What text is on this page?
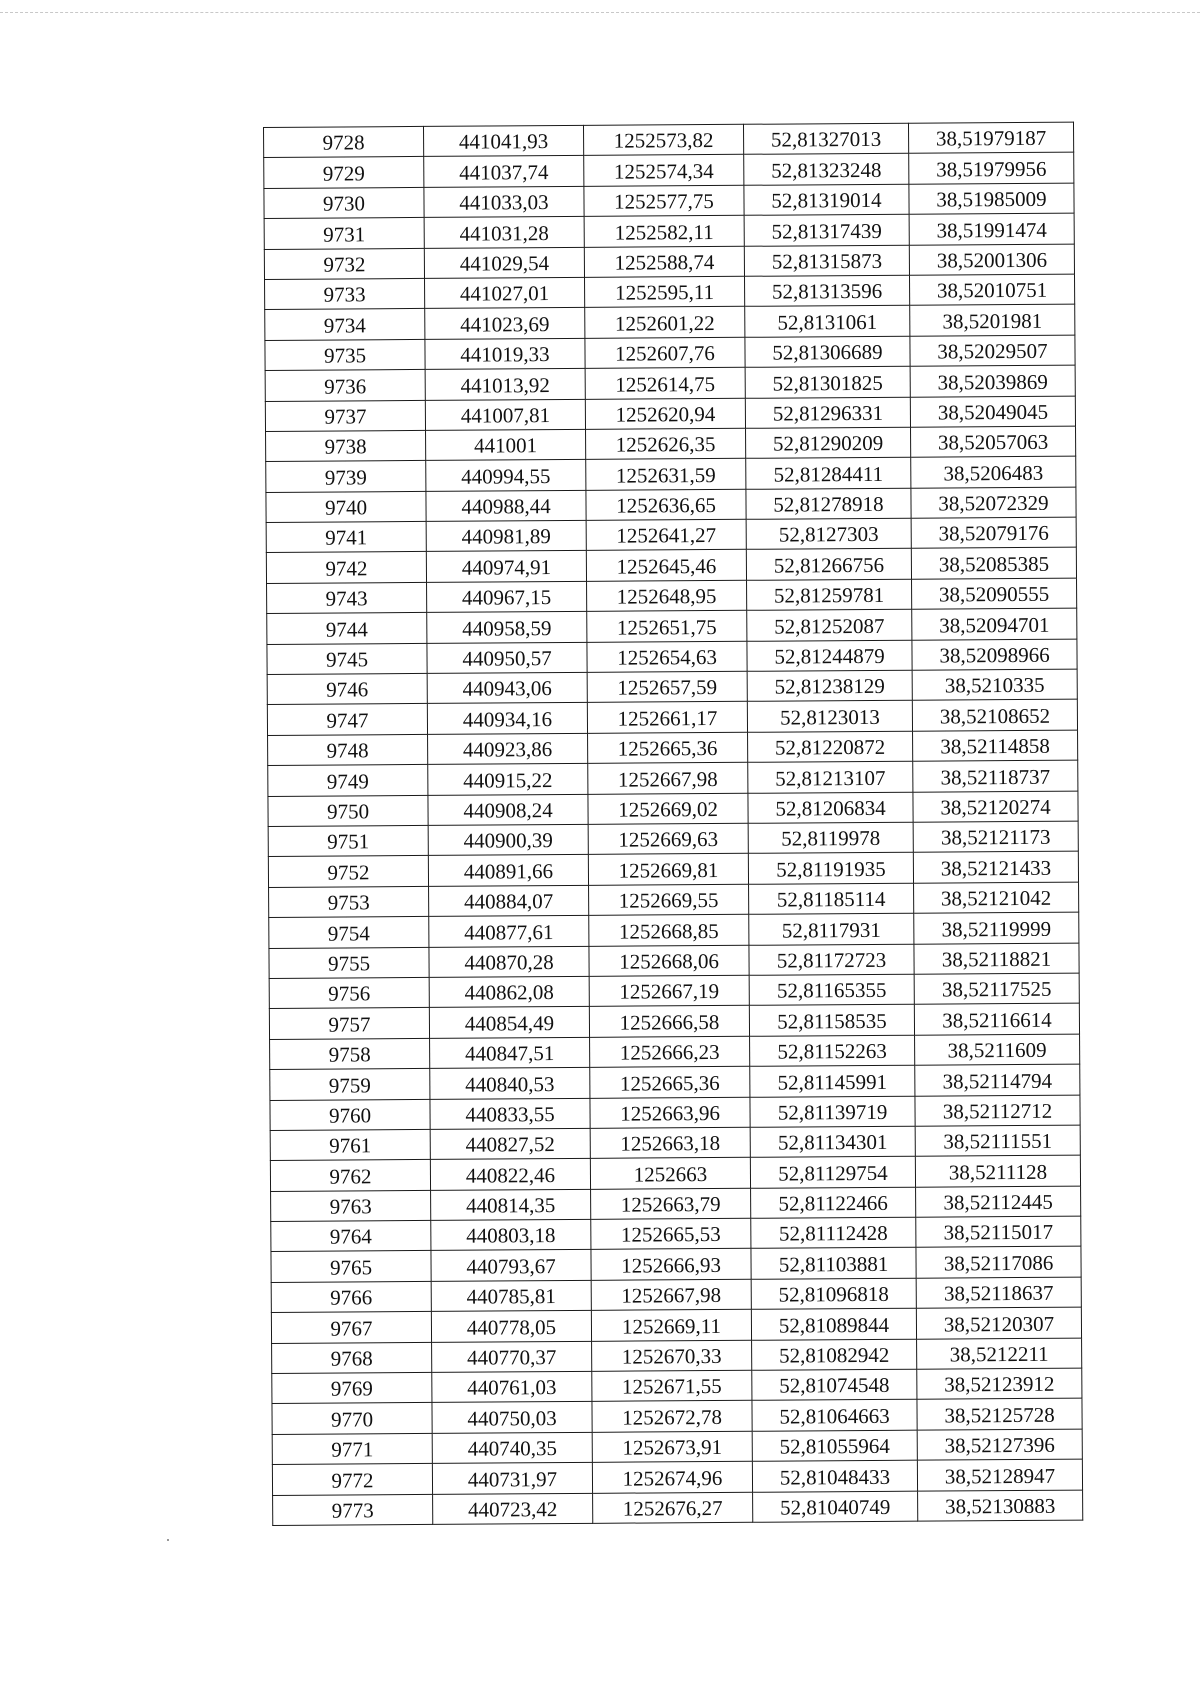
9728	441041,93	1252573,82	52,81327013	38,51979187
9729	441037,74	1252574,34	52,81323248	38,51979956
9730	441033,03	1252577,75	52,81319014	38,51985009
9731	441031,28	1252582,11	52,81317439	38,51991474
9732	441029,54	1252588,74	52,81315873	38,52001306
9733	441027,01	1252595,11	52,81313596	38,52010751
9734	441023,69	1252601,22	52,8131061	38,5201981
9735	441019,33	1252607,76	52,81306689	38,52029507
9736	441013,92	1252614,75	52,81301825	38,52039869
9737	441007,81	1252620,94	52,81296331	38,52049045
9738	441001	1252626,35	52,81290209	38,52057063
9739	440994,55	1252631,59	52,81284411	38,5206483
9740	440988,44	1252636,65	52,81278918	38,52072329
9741	440981,89	1252641,27	52,8127303	38,52079176
9742	440974,91	1252645,46	52,81266756	38,52085385
9743	440967,15	1252648,95	52,81259781	38,52090555
9744	440958,59	1252651,75	52,81252087	38,52094701
9745	440950,57	1252654,63	52,81244879	38,52098966
9746	440943,06	1252657,59	52,81238129	38,5210335
9747	440934,16	1252661,17	52,8123013	38,52108652
9748	440923,86	1252665,36	52,81220872	38,52114858
9749	440915,22	1252667,98	52,81213107	38,52118737
9750	440908,24	1252669,02	52,81206834	38,52120274
9751	440900,39	1252669,63	52,8119978	38,52121173
9752	440891,66	1252669,81	52,81191935	38,52121433
9753	440884,07	1252669,55	52,81185114	38,52121042
9754	440877,61	1252668,85	52,8117931	38,52119999
9755	440870,28	1252668,06	52,81172723	38,52118821
9756	440862,08	1252667,19	52,81165355	38,52117525
9757	440854,49	1252666,58	52,81158535	38,52116614
9758	440847,51	1252666,23	52,81152263	38,5211609
9759	440840,53	1252665,36	52,81145991	38,52114794
9760	440833,55	1252663,96	52,81139719	38,52112712
9761	440827,52	1252663,18	52,81134301	38,52111551
9762	440822,46	1252663	52,81129754	38,5211128
9763	440814,35	1252663,79	52,81122466	38,52112445
9764	440803,18	1252665,53	52,81112428	38,52115017
9765	440793,67	1252666,93	52,81103881	38,52117086
9766	440785,81	1252667,98	52,81096818	38,52118637
9767	440778,05	1252669,11	52,81089844	38,52120307
9768	440770,37	1252670,33	52,81082942	38,5212211
9769	440761,03	1252671,55	52,81074548	38,52123912
9770	440750,03	1252672,78	52,81064663	38,52125728
9771	440740,35	1252673,91	52,81055964	38,52127396
9772	440731,97	1252674,96	52,81048433	38,52128947
9773	440723,42	1252676,27	52,81040749	38,52130883
